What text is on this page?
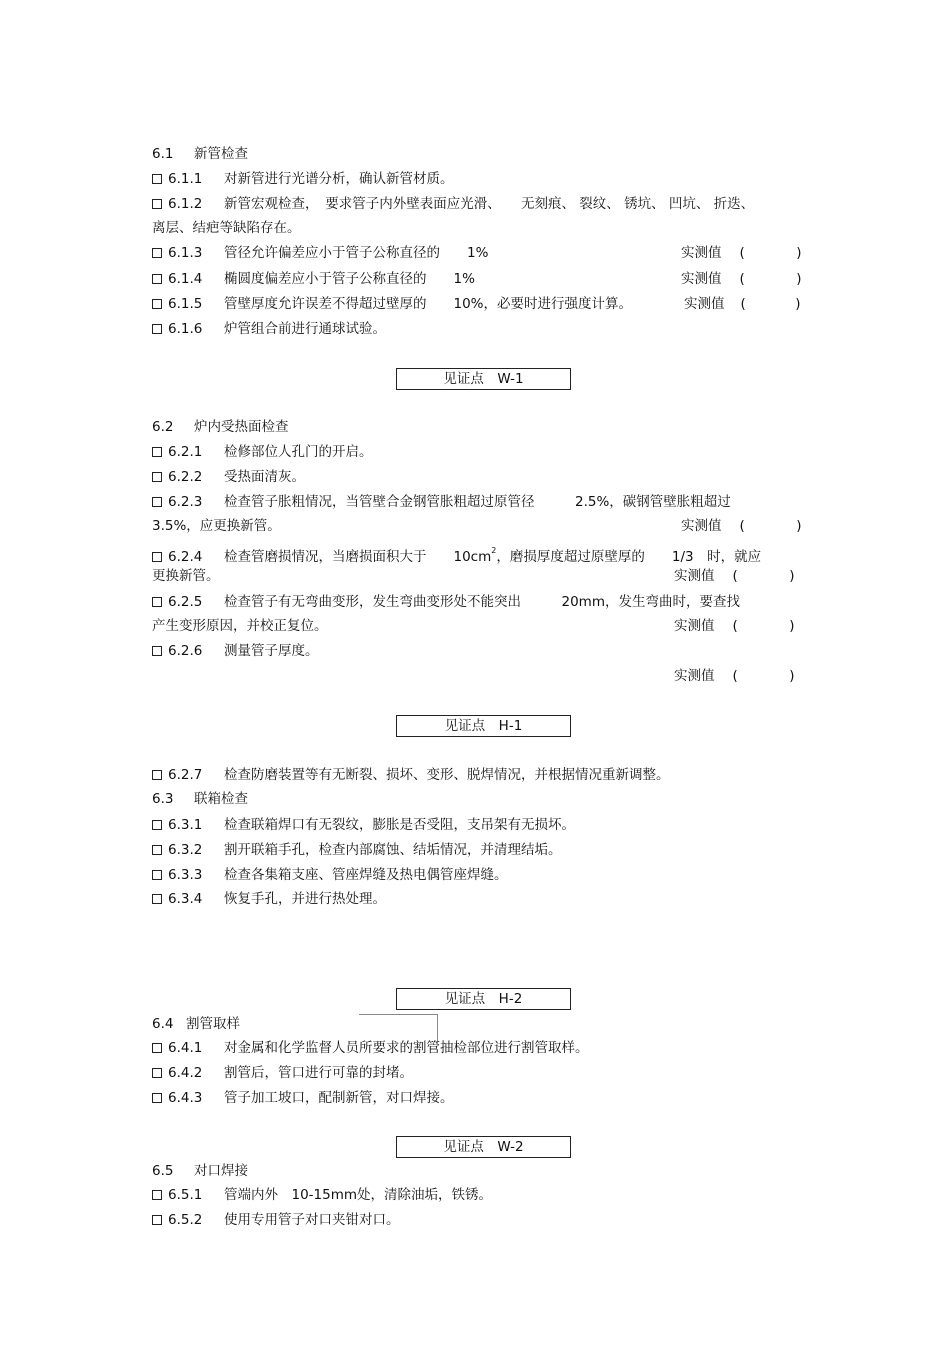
6.1 新管检查
6.1.1 对新管进行光谱分析，确认新管材质。
6.1.2 新管宏观检查，　要求管子内外壁表面应光滑、　　无刻痕、 裂纹、 锈坑、 凹坑、 折迭、
离层、结疤等缺陷存在。
6.1.3 管径允许偏差应小于管子公称直径的　　1%	实测值 (	)
6.1.4 椭圆度偏差应小于管子公称直径的　　1%	实测值 (	)
6.1.5 管壁厚度允许误差不得超过壁厚的　　10%，必要时进行强度计算。	实测值 (	)
6.1.6 炉管组合前进行通球试验。
见证点　W-1
6.2 炉内受热面检查
6.2.1 检修部位人孔门的开启。
6.2.2 受热面清灰。
6.2.3 检查管子胀粗情况，当管壁合金钢管胀粗超过原管径　　　2.5%，碳钢管壁胀粗超过
3.5%，应更换新管。	实测值 (	)
6.2.4 检查管磨损情况，当磨损面积大于　　$10cm^2$，磨损厚度超过原壁厚的　　1/3　时，就应
更换新管。	实测值 (	)
6.2.5 检查管子有无弯曲变形，发生弯曲变形处不能突出　　　20mm，发生弯曲时，要查找
产生变形原因，并校正复位。	实测值 (	)
6.2.6 测量管子厚度。
实测值 (	)
见证点　H-1
6.2.7 检查防磨装置等有无断裂、损坏、变形、脱焊情况，并根据情况重新调整。
6.3 联箱检查
6.3.1 检查联箱焊口有无裂纹，膨胀是否受阻，支吊架有无损坏。
6.3.2 割开联箱手孔，检查内部腐蚀、结垢情况，并清理结垢。
6.3.3 检查各集箱支座、管座焊缝及热电偶管座焊缝。
6.3.4 恢复手孔，并进行热处理。
见证点　H-2
6.4 割管取样
6.4.1 对金属和化学监督人员所要求的割管抽检部位进行割管取样。
6.4.2 割管后，管口进行可靠的封堵。
6.4.3 管子加工坡口，配制新管，对口焊接。
见证点　W-2
6.5 对口焊接
6.5.1 管端内外　10-15mm处，清除油垢，铁锈。
6.5.2 使用专用管子对口夹钳对口。
